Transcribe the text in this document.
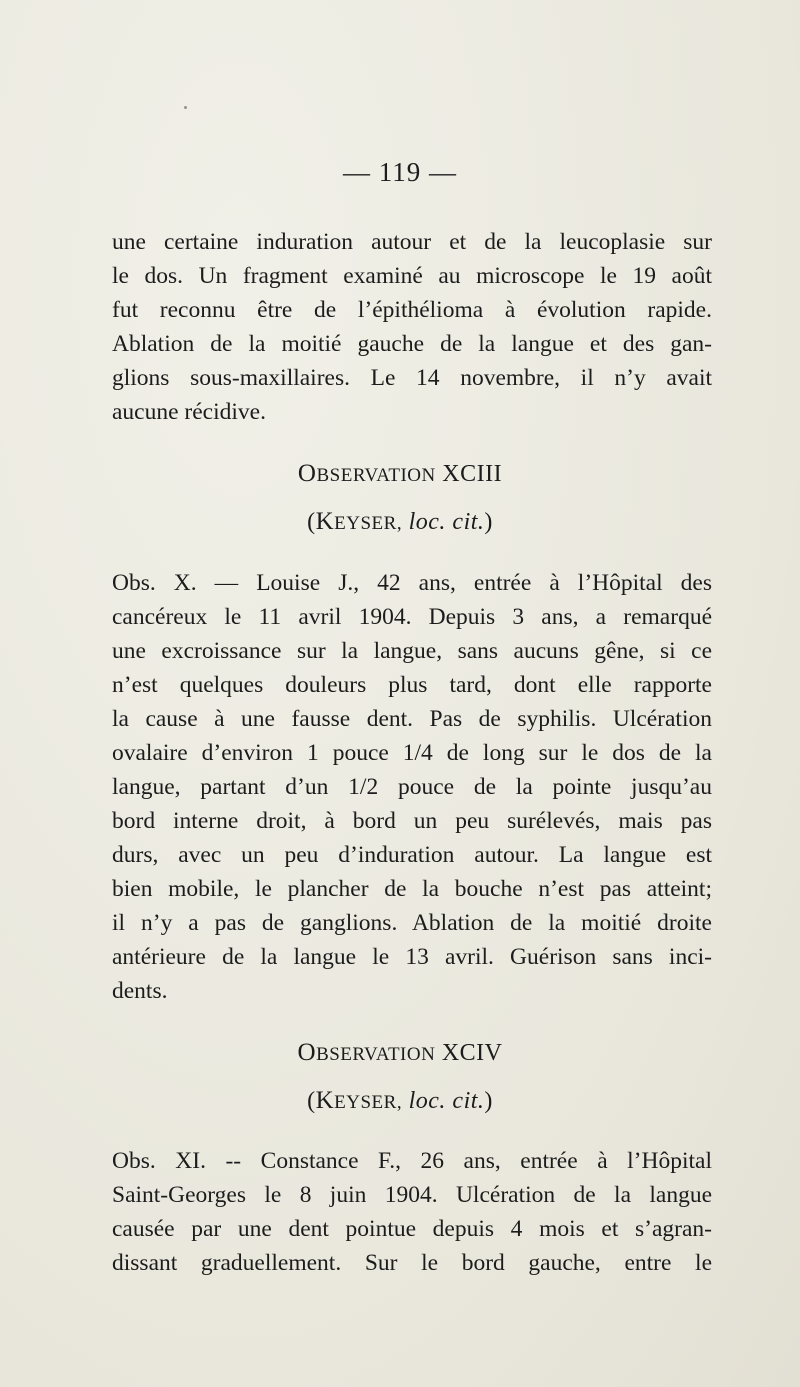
— 119 —
une certaine induration autour et de la leucoplasie sur
le dos. Un fragment examiné au microscope le 19 août
fut reconnu être de l’épithélioma à évolution rapide.
Ablation de la moitié gauche de la langue et des gan-
glions sous-maxillaires. Le 14 novembre, il n’y avait
aucune récidive.
OBSERVATION XCIII
(KEYSER, loc. cit.)
Obs. X. — Louise J., 42 ans, entrée à l’Hôpital des
cancéreux le 11 avril 1904. Depuis 3 ans, a remarqué
une excroissance sur la langue, sans aucuns gêne, si ce
n’est quelques douleurs plus tard, dont elle rapporte
la cause à une fausse dent. Pas de syphilis. Ulcération
ovalaire d’environ 1 pouce 1/4 de long sur le dos de la
langue, partant d’un 1/2 pouce de la pointe jusqu’au
bord interne droit, à bord un peu surélevés, mais pas
durs, avec un peu d’induration autour. La langue est
bien mobile, le plancher de la bouche n’est pas atteint;
il n’y a pas de ganglions. Ablation de la moitié droite
antérieure de la langue le 13 avril. Guérison sans inci-
dents.
OBSERVATION XCIV
(KEYSER, loc. cit.)
Obs. XI. -- Constance F., 26 ans, entrée à l’Hôpital
Saint-Georges le 8 juin 1904. Ulcération de la langue
causée par une dent pointue depuis 4 mois et s’agran-
dissant graduellement. Sur le bord gauche, entre le
